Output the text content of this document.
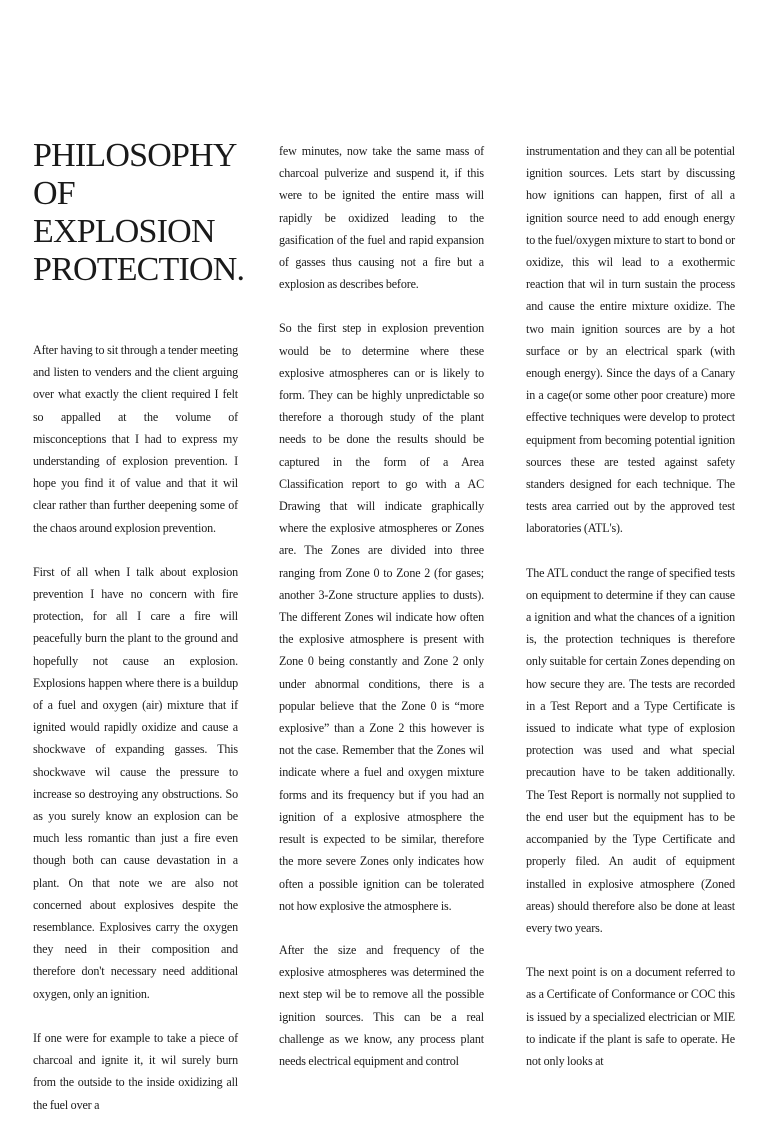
PHILOSOPHY OF
EXPLOSION
PROTECTION.

After having to sit through a tender meeting and listen to venders and the client arguing over what exactly the client required I felt so appalled at the volume of misconceptions that I had to express my understanding of explosion prevention. I hope you find it of value and that it wil clear rather than further deepening some of the chaos around explosion prevention.

First of all when I talk about explosion prevention I have no concern with fire protection, for all I care a fire will peacefully burn the plant to the ground and hopefully not cause an explosion. Explosions happen where there is a buildup of a fuel and oxygen (air) mixture that if ignited would rapidly oxidize and cause a shockwave of expanding gasses. This shockwave wil cause the pressure to increase so destroying any obstructions. So as you surely know an explosion can be much less romantic than just a fire even though both can cause devastation in a plant. On that note we are also not concerned about explosives despite the resemblance. Explosives carry the oxygen they need in their composition and therefore don't necessary need additional oxygen, only an ignition.

If one were for example to take a piece of charcoal and ignite it, it wil surely burn from the outside to the inside oxidizing all the fuel over a

few minutes, now take the same mass of charcoal pulverize and suspend it, if this were to be ignited the entire mass will rapidly be oxidized leading to the gasification of the fuel and rapid expansion of gasses thus causing not a fire but a explosion as describes before.

So the first step in explosion prevention would be to determine where these explosive atmospheres can or is likely to form. They can be highly unpredictable so therefore a thorough study of the plant needs to be done the results should be captured in the form of a Area Classification report to go with a AC Drawing that will indicate graphically where the explosive atmospheres or Zones are. The Zones are divided into three ranging from Zone 0 to Zone 2 (for gases; another 3-Zone structure applies to dusts). The different Zones wil indicate how often the explosive atmosphere is present with Zone 0 being constantly and Zone 2 only under abnormal conditions, there is a popular believe that the Zone 0 is “more explosive” than a Zone 2 this however is not the case. Remember that the Zones wil indicate where a fuel and oxygen mixture forms and its frequency but if you had an ignition of a explosive atmosphere the result is expected to be similar, therefore the more severe Zones only indicates how often a possible ignition can be tolerated not how explosive the atmosphere is.

After the size and frequency of the explosive atmospheres was determined the next step wil be to remove all the possible ignition sources. This can be a real challenge as we know, any process plant needs electrical equipment and control

instrumentation and they can all be potential ignition sources. Lets start by discussing how ignitions can happen, first of all a ignition source need to add enough energy to the fuel/oxygen mixture to start to bond or oxidize, this wil lead to a exothermic reaction that wil in turn sustain the process and cause the entire mixture oxidize. The two main ignition sources are by a hot surface or by an electrical spark (with enough energy). Since the days of a Canary in a cage(or some other poor creature) more effective techniques were develop to protect equipment from becoming potential ignition sources these are tested against safety standers designed for each technique. The tests area carried out by the approved test laboratories (ATL's).

The ATL conduct the range of specified tests on equipment to determine if they can cause a ignition and what the chances of a ignition is, the protection techniques is therefore only suitable for certain Zones depending on how secure they are. The tests are recorded in a Test Report and a Type Certificate is issued to indicate what type of explosion protection was used and what special precaution have to be taken additionally. The Test Report is normally not supplied to the end user but the equipment has to be accompanied by the Type Certificate and properly filed. An audit of equipment installed in explosive atmosphere (Zoned areas) should therefore also be done at least every two years.

The next point is on a document referred to as a Certificate of Conformance or COC this is issued by a specialized electrician or MIE to indicate if the plant is safe to operate. He not only looks at
